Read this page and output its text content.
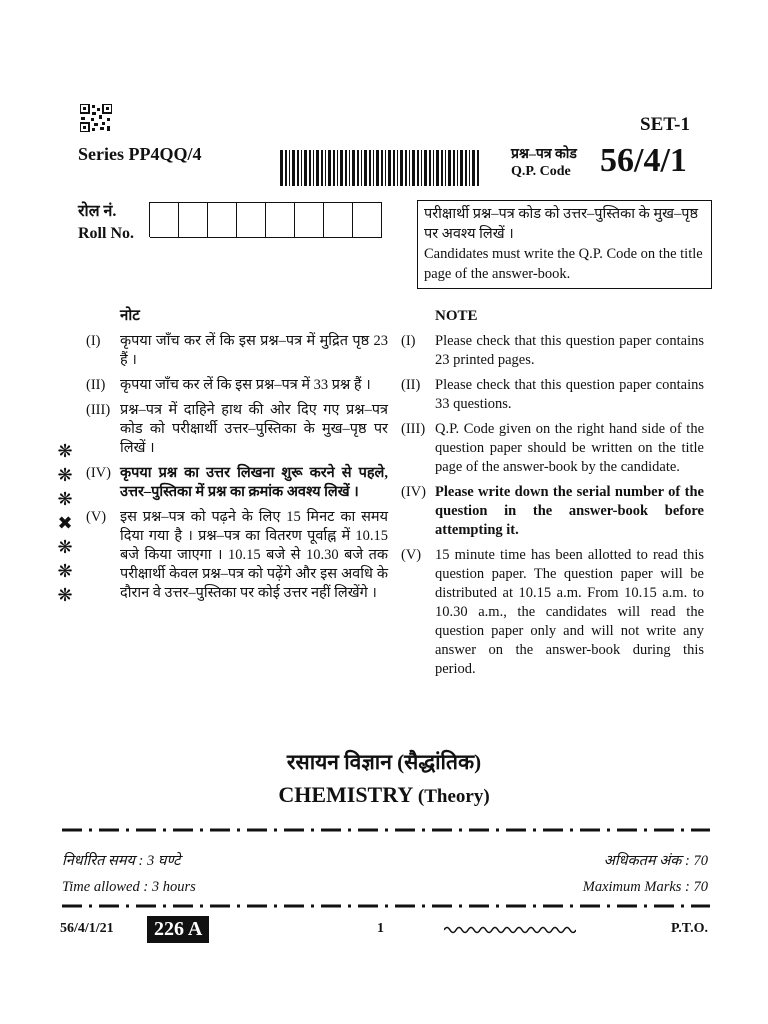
SET-1
Series PP4QQ/4	प्रश्न–पत्र कोड
Q.P. Code 56/4/1
रोल नं.
Roll No.
परीक्षार्थी प्रश्न–पत्र कोड को उत्तर–पुस्तिका के मुख–पृष्ठ पर अवश्य लिखें ।
Candidates must write the Q.P. Code on the title page of the answer-book.
❋
❋
❋
✖
❋
❋
❋
नोट
(I)	कृपया जाँच कर लें कि इस प्रश्न–पत्र में मुद्रित पृष्ठ 23 हैं ।
(II)	कृपया जाँच कर लें कि इस प्रश्न–पत्र में 33 प्रश्न हैं ।
(III) प्रश्न–पत्र में दाहिने हाथ की ओर दिए गए प्रश्न–पत्र कोड को परीक्षार्थी उत्तर–पुस्तिका के मुख–पृष्ठ पर लिखें ।
(IV) कृपया प्रश्न का उत्तर लिखना शुरू करने से पहले, उत्तर–पुस्तिका में प्रश्न का क्रमांक अवश्य लिखें ।
(V) इस प्रश्न–पत्र को पढ़ने के लिए 15 मिनट का समय दिया गया है । प्रश्न–पत्र का वितरण पूर्वाह्न में 10.15 बजे किया जाएगा । 10.15 बजे से 10.30 बजे तक परीक्षार्थी केवल प्रश्न–पत्र को पढ़ेंगे और इस अवधि के दौरान वे उत्तर–पुस्तिका पर कोई उत्तर नहीं लिखेंगे ।
NOTE
(I)	Please check that this question paper contains 23 printed pages.
(II)	Please check that this question paper contains 33 questions.
(III) Q.P. Code given on the right hand side of the question paper should be written on the title page of the answer-book by the candidate.
(IV) Please write down the serial number of the question in the answer-book before attempting it.
(V) 15 minute time has been allotted to read this question paper. The question paper will be distributed at 10.15 a.m. From 10.15 a.m. to 10.30 a.m., the candidates will read the question paper only and will not write any answer on the answer-book during this period.
रसायन विज्ञान (सैद्धांतिक)
CHEMISTRY (Theory)
निर्धारित समय : 3 घण्टे
Time allowed : 3 hours
अधिकतम अंक : 70
Maximum Marks : 70
56/4/1/21	226 A	1	P.T.O.
